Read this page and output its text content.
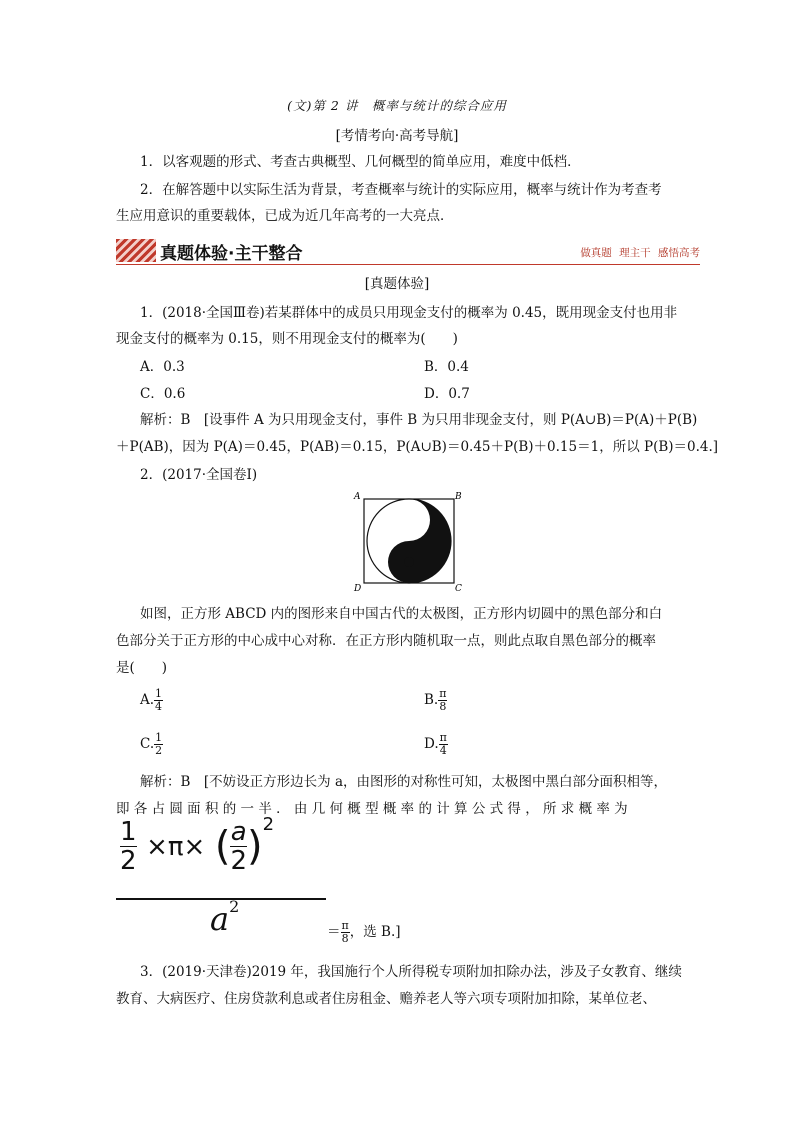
(文)第 2 讲　概率与统计的综合应用
[考情考向·高考导航]
1．以客观题的形式、考查古典概型、几何概型的简单应用，难度中低档．
2．在解答题中以实际生活为背景，考查概率与统计的实际应用，概率与统计作为考查考
生应用意识的重要载体，已成为近几年高考的一大亮点．
真题体验·主干整合	做真题 理主干 感悟高考
[真题体验]
1．(2018·全国Ⅲ卷)若某群体中的成员只用现金支付的概率为 0.45，既用现金支付也用非
现金支付的概率为 0.15，则不用现金支付的概率为(　　)
A．0.3	B．0.4
C．0.6	D．0.7
解析：B　[设事件 A 为只用现金支付，事件 B 为只用非现金支付，则 P(A∪B)＝P(A)＋P(B)
＋P(AB)，因为 P(A)＝0.45，P(AB)＝0.15，P(A∪B)＝0.45＋P(B)＋0.15＝1，所以 P(B)＝0.4.]
2．(2017·全国卷Ⅰ)
A	B
C
D
如图，正方形 ABCD 内的图形来自中国古代的太极图，正方形内切圆中的黑色部分和白
色部分关于正方形的中心成中心对称．在正方形内随机取一点，则此点取自黑色部分的概率
是(　　)
A. $\frac{1}{4}$	B. $\frac{\pi}{8}$
C. $\frac{1}{2}$	D. $\frac{\pi}{4}$
解析：B　[不妨设正方形边长为 a，由图形的对称性可知，太极图中黑白部分面积相等，
即 各 占 圆 面 积 的 一 半 ． 由 几 何 概 型 概 率 的 计 算 公 式 得 ， 所 求 概 率 为
$\frac{1}{2} \times\pi\times$ ( $\frac{a}{2} )^2$
$a^2$
＝ $\frac{\pi}{8}$ ，选 B.]
3．(2019·天津卷)2019 年，我国施行个人所得税专项附加扣除办法，涉及子女教育、继续
教育、大病医疗、住房贷款利息或者住房租金、赡养老人等六项专项附加扣除，某单位老、
